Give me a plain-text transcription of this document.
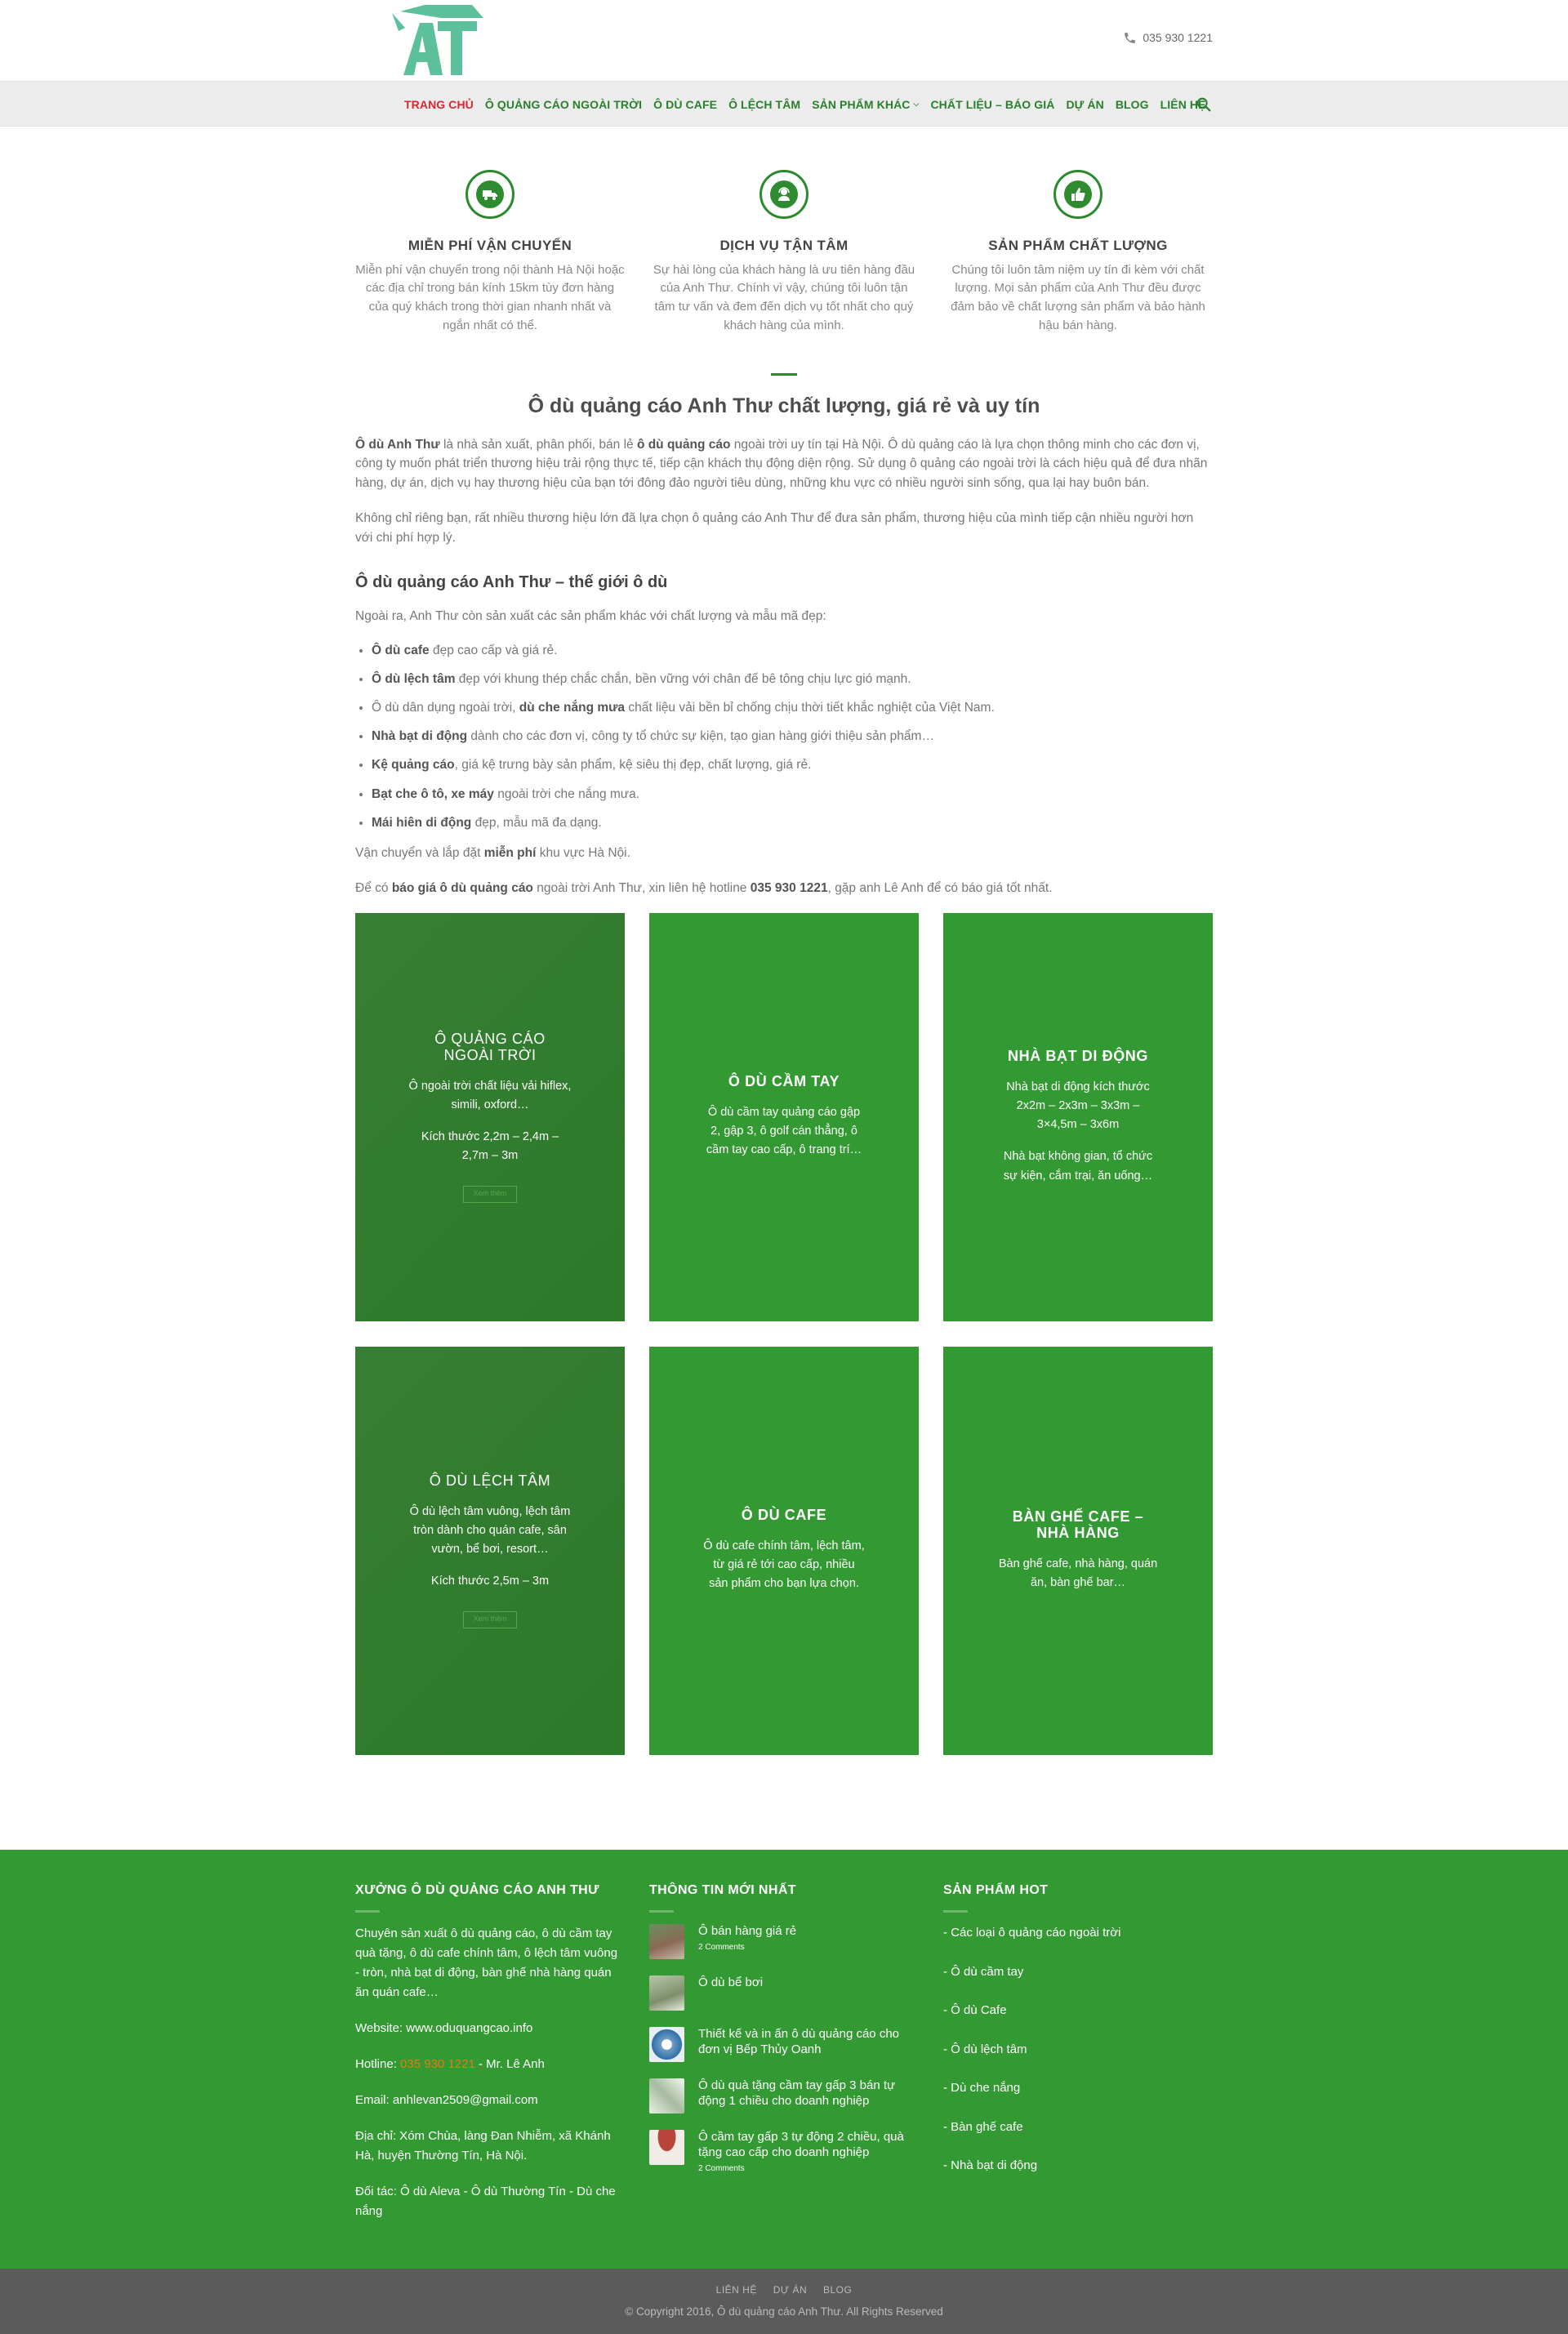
035 930 1221
TRANG CHỦ Ô QUẢNG CÁO NGOÀI TRỜI Ô DÙ CAFE Ô LỆCH TÂM SẢN PHẨM KHÁC ⌵ CHẤT LIỆU – BÁO GIÁ DỰ ÁN BLOG LIÊN HỆ
MIỄN PHÍ VẬN CHUYỂN

Miễn phí vận chuyển trong nội thành Hà Nội hoặc các địa chỉ trong bán kính 15km tùy đơn hàng của quý khách trong thời gian nhanh nhất và ngắn nhất có thể.

DỊCH VỤ TẬN TÂM

Sự hài lòng của khách hàng là ưu tiên hàng đầu của Anh Thư. Chính vì vậy, chúng tôi luôn tận tâm tư vấn và đem đến dịch vụ tốt nhất cho quý khách hàng của mình.

SẢN PHẨM CHẤT LƯỢNG

Chúng tôi luôn tâm niệm uy tín đi kèm với chất lượng. Mọi sản phẩm của Anh Thư đều được đảm bảo về chất lượng sản phẩm và bảo hành hậu bán hàng.

Ô dù quảng cáo Anh Thư chất lượng, giá rẻ và uy tín

Ô dù Anh Thư là nhà sản xuất, phân phối, bán lẻ ô dù quảng cáo ngoài trời uy tín tại Hà Nội. Ô dù quảng cáo là lựa chọn thông minh cho các đơn vị, công ty muốn phát triển thương hiệu trải rộng thực tế, tiếp cận khách thụ động diện rộng. Sử dụng ô quảng cáo ngoài trời là cách hiệu quả để đưa nhãn hàng, dự án, dịch vụ hay thương hiệu của bạn tới đông đảo người tiêu dùng, những khu vực có nhiều người sinh sống, qua lại hay buôn bán.

Không chỉ riêng bạn, rất nhiều thương hiệu lớn đã lựa chọn ô quảng cáo Anh Thư để đưa sản phẩm, thương hiệu của mình tiếp cận nhiều người hơn với chi phí hợp lý.

Ô dù quảng cáo Anh Thư – thế giới ô dù

Ngoài ra, Anh Thư còn sản xuất các sản phẩm khác với chất lượng và mẫu mã đẹp:

• Ô dù cafe đẹp cao cấp và giá rẻ.
• Ô dù lệch tâm đẹp với khung thép chắc chắn, bền vững với chân đế bê tông chịu lực gió mạnh.
• Ô dù dân dụng ngoài trời, dù che nắng mưa chất liệu vải bền bỉ chống chịu thời tiết khắc nghiệt của Việt Nam.
• Nhà bạt di động dành cho các đơn vị, công ty tổ chức sự kiện, tạo gian hàng giới thiệu sản phẩm…
• Kệ quảng cáo, giá kệ trưng bày sản phẩm, kệ siêu thị đẹp, chất lượng, giá rẻ.
• Bạt che ô tô, xe máy ngoài trời che nắng mưa.
• Mái hiên di động đẹp, mẫu mã đa dạng.

Vận chuyển và lắp đặt miễn phí khu vực Hà Nội.

Để có báo giá ô dù quảng cáo ngoài trời Anh Thư, xin liên hệ hotline 035 930 1221, gặp anh Lê Anh để có báo giá tốt nhất.

Ô QUẢNG CÁO NGOÀI TRỜI

Ô ngoài trời chất liệu vải hiflex, simili, oxford…

Kích thước 2,2m – 2,4m – 2,7m – 3m

Xem thêm
Ô DÙ CẦM TAY

Ô dù cầm tay quảng cáo gập 2, gập 3, ô golf cán thẳng, ô cầm tay cao cấp, ô trang trí…

NHÀ BẠT DI ĐỘNG

Nhà bạt di động kích thước 2x2m – 2x3m – 3x3m – 3×4,5m – 3x6m

Nhà bạt không gian, tổ chức sự kiện, cắm trại, ăn uống…

Ô DÙ LỆCH TÂM

Ô dù lệch tâm vuông, lệch tâm tròn dành cho quán cafe, sân vườn, bể bơi, resort…

Kích thước 2,5m – 3m

Xem thêm
Ô DÙ CAFE

Ô dù cafe chính tâm, lệch tâm, từ giá rẻ tới cao cấp, nhiều sản phẩm cho bạn lựa chọn.

BÀN GHẾ CAFE – NHÀ HÀNG

Bàn ghế cafe, nhà hàng, quán ăn, bàn ghế bar…

XƯỞNG Ô DÙ QUẢNG CÁO ANH THƯ

Chuyên sản xuất ô dù quảng cáo, ô dù cầm tay quà tặng, ô dù cafe chính tâm, ô lệch tâm vuông - tròn, nhà bạt di động, bàn ghế nhà hàng quán ăn quán cafe…

Website: www.oduquangcao.info

Hotline: 035 930 1221 - Mr. Lê Anh

Email: anhlevan2509@gmail.com

Địa chỉ: Xóm Chùa, làng Đan Nhiễm, xã Khánh Hà, huyện Thường Tín, Hà Nội.

Đối tác: Ô dù Aleva - Ô dù Thường Tín - Dù che nắng

THÔNG TIN MỚI NHẤT
Ô bán hàng giá rẻ
2 Comments
Ô dù bể bơi
Thiết kế và in ấn ô dù quảng cáo cho đơn vị Bếp Thủy Oanh
Ô dù quà tặng cầm tay gấp 3 bán tự động 1 chiều cho doanh nghiệp
Ô cầm tay gấp 3 tự động 2 chiều, quà tặng cao cấp cho doanh nghiệp
2 Comments
SẢN PHẨM HOT
- Các loại ô quảng cáo ngoài trời
- Ô dù cầm tay
- Ô dù Cafe
- Ô dù lệch tâm
- Dù che nắng
- Bàn ghế cafe
- Nhà bạt di động
LIÊN HỆ DỰ ÁN BLOG
© Copyright 2016, Ô dù quảng cáo Anh Thư. All Rights Reserved
